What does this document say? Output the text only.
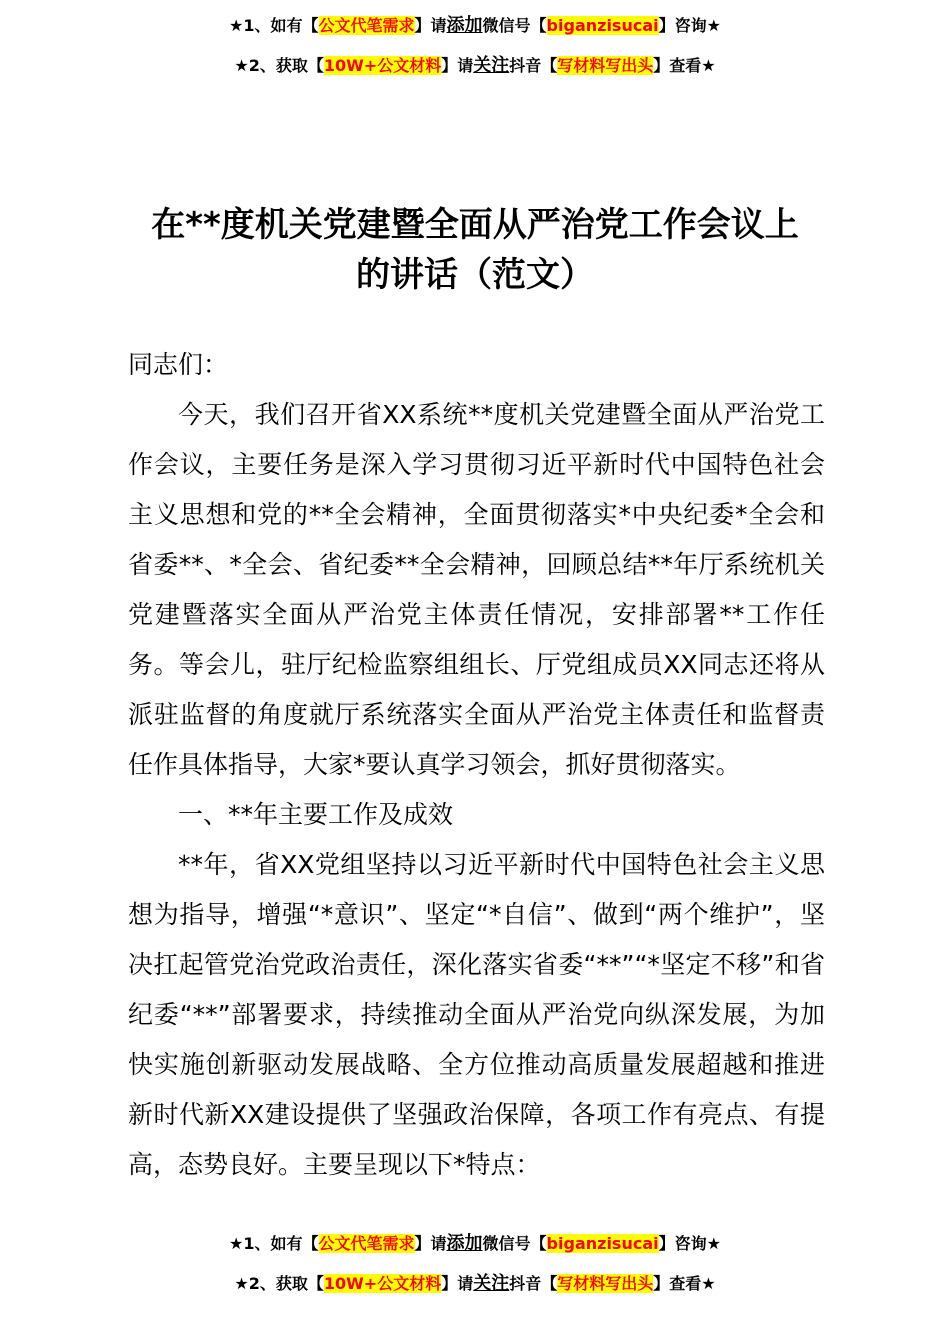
★1、如有【公文代笔需求】请添加微信号【biganzisucai】咨询★
★2、获取【10W+公文材料】请关注抖音【写材料写出头】查看★
在**度机关党建暨全面从严治党工作会议上
的讲话（范文）

同志们：

今天，我们召开省XX系统**度机关党建暨全面从严治党工作会议，主要任务是深入学习贯彻习近平新时代中国特色社会主义思想和党的**全会精神，全面贯彻落实*中央纪委*全会和省委**、*全会、省纪委**全会精神，回顾总结**年厅系统机关党建暨落实全面从严治党主体责任情况，安排部署**工作任务。等会儿，驻厅纪检监察组组长、厅党组成员XX同志还将从派驻监督的角度就厅系统落实全面从严治党主体责任和监督责任作具体指导，大家*要认真学习领会，抓好贯彻落实。

一、**年主要工作及成效

**年，省XX党组坚持以习近平新时代中国特色社会主义思想为指导，增强“*意识”、坚定“*自信”、做到“两个维护”，坚决扛起管党治党政治责任，深化落实省委“**”“*坚定不移”和省纪委“**”部署要求，持续推动全面从严治党向纵深发展，为加快实施创新驱动发展战略、全方位推动高质量发展超越和推进新时代新XX建设提供了坚强政治保障，各项工作有亮点、有提高，态势良好。主要呈现以下*特点：

★1、如有【公文代笔需求】请添加微信号【biganzisucai】咨询★
★2、获取【10W+公文材料】请关注抖音【写材料写出头】查看★
